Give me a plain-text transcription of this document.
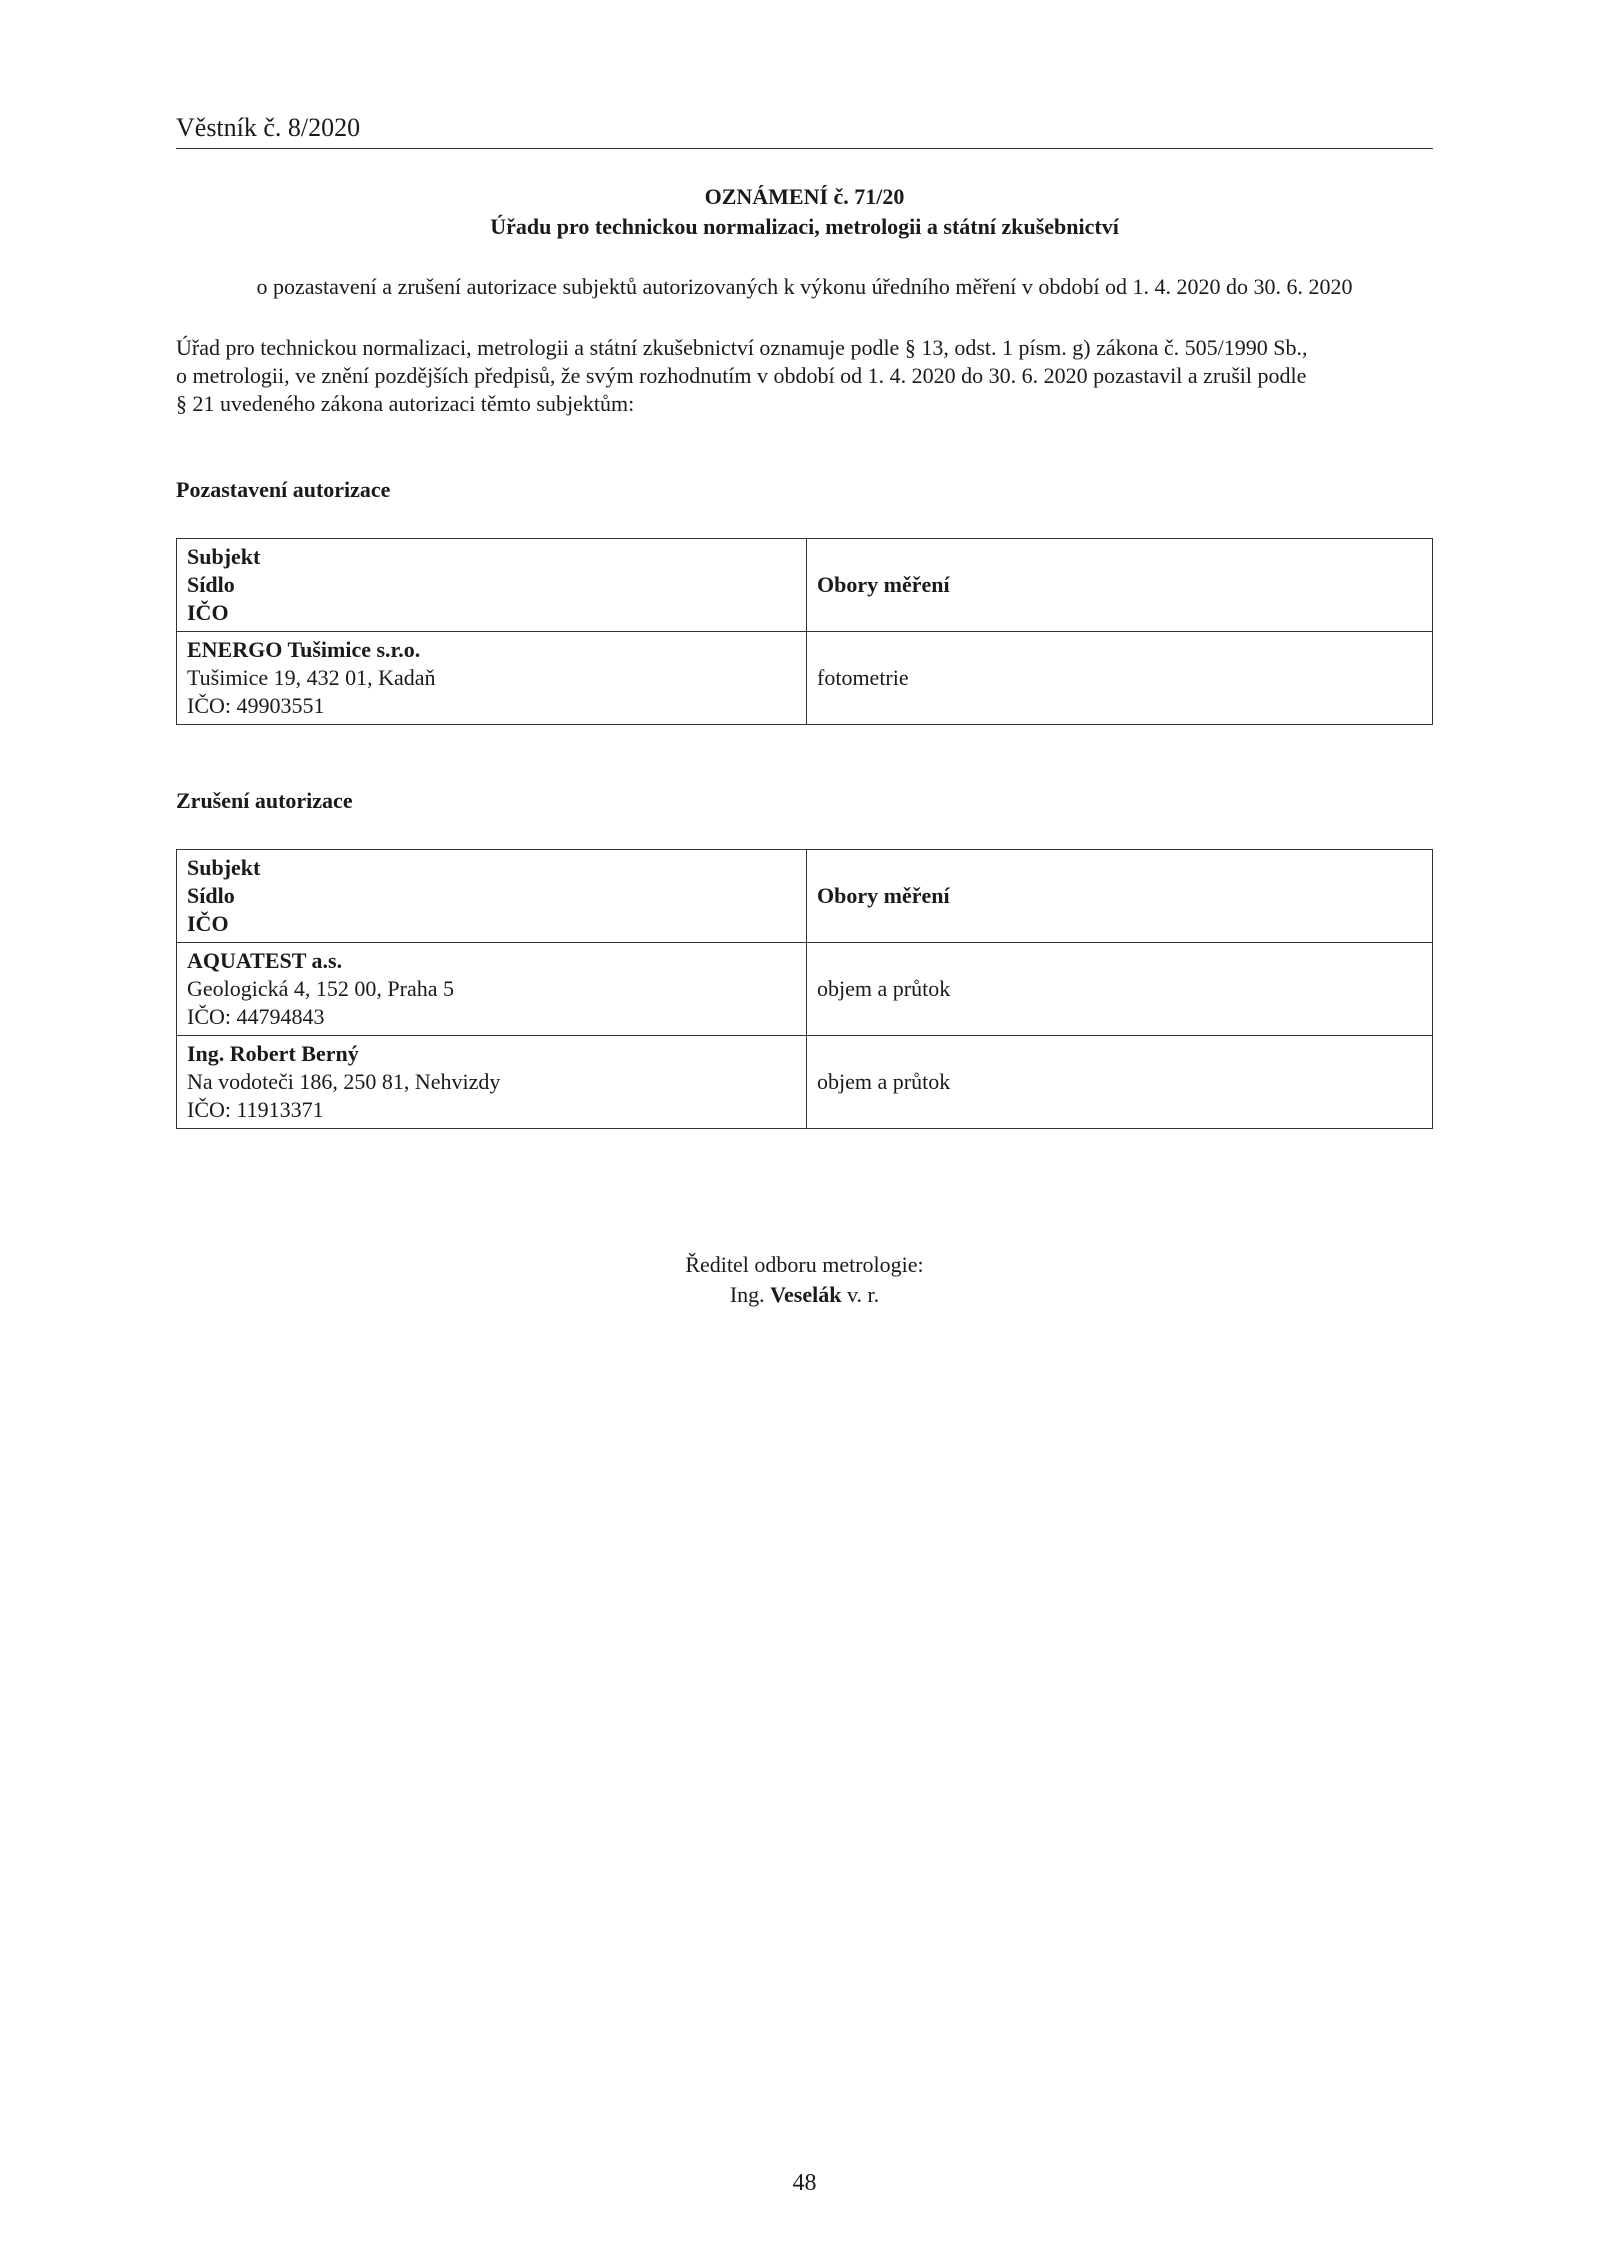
Věstník č. 8/2020
OZNÁMENÍ č. 71/20
Úřadu pro technickou normalizaci, metrologii a státní zkušebnictví
o pozastavení a zrušení autorizace subjektů autorizovaných k výkonu úředního měření v období od 1. 4. 2020 do 30. 6. 2020
Úřad pro technickou normalizaci, metrologii a státní zkušebnictví oznamuje podle § 13, odst. 1 písm. g) zákona č. 505/1990 Sb.,
o metrologii, ve znění pozdějších předpisů, že svým rozhodnutím v období od 1. 4. 2020 do 30. 6. 2020 pozastavil a zrušil podle
§ 21 uvedeného zákona autorizaci těmto subjektům:
Pozastavení autorizace
Subjekt
Sídlo
IČO	Obory měření

ENERGO Tušimice s.r.o.
Tušimice 19, 432 01, Kadaň
IČO: 49903551	fotometrie
Zrušení autorizace
Subjekt
Sídlo
IČO	Obory měření

AQUATEST a.s.
Geologická 4, 152 00, Praha 5
IČO: 44794843	objem a průtok

Ing. Robert Berný
Na vodoteči 186, 250 81, Nehvizdy
IČO: 11913371	objem a průtok
Ředitel odboru metrologie:
Ing. Veselák v. r.
48
